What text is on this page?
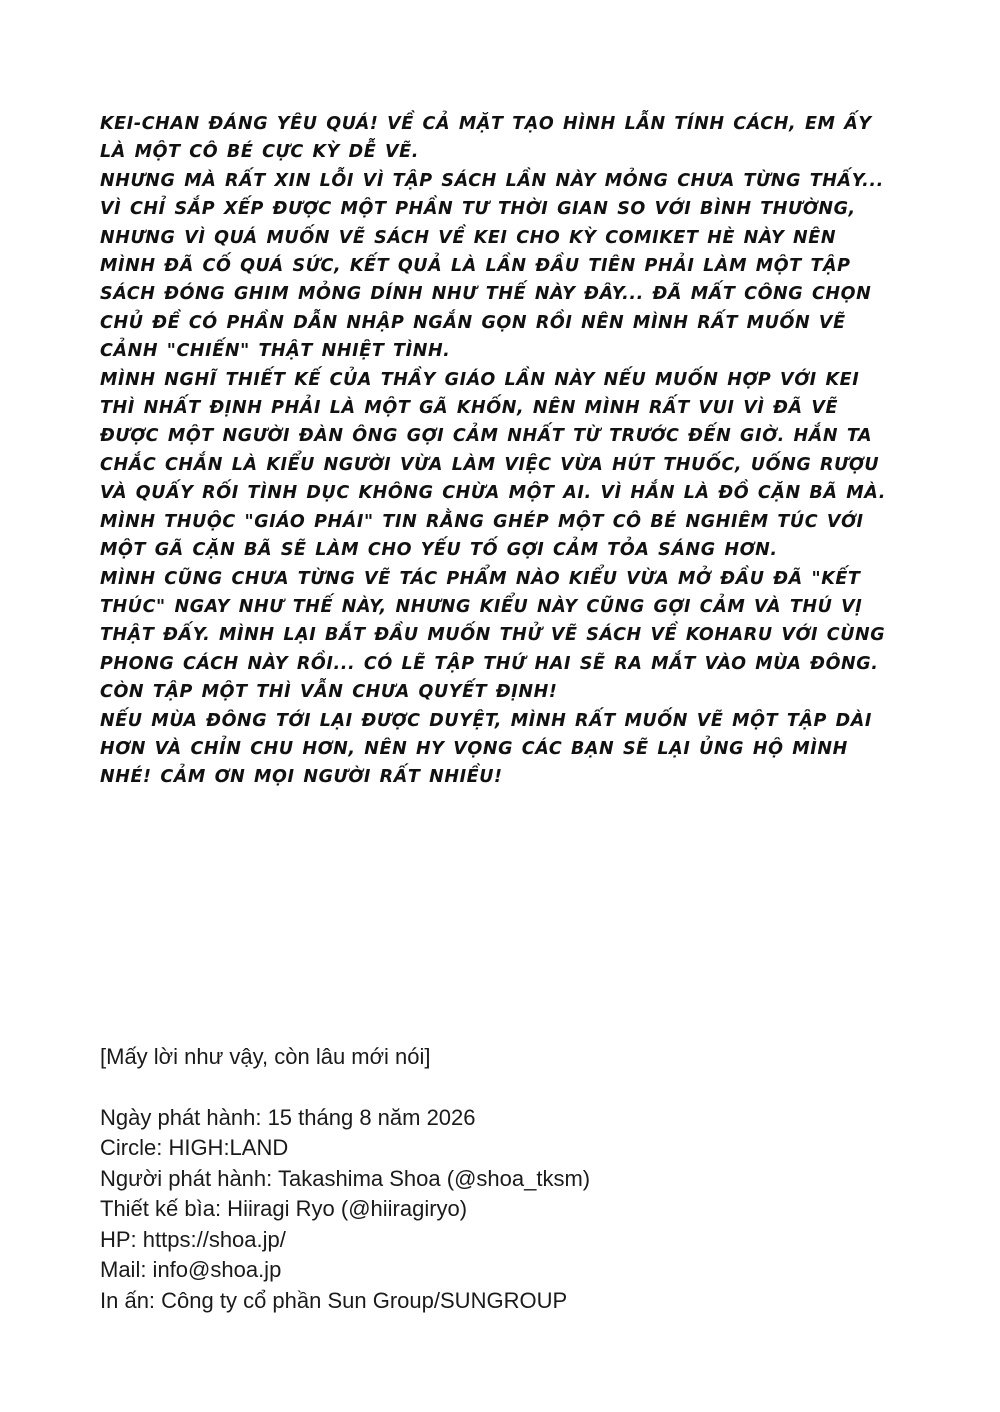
KEI-CHAN ĐÁNG YÊU QUÁ! VỀ CẢ MẶT TẠO HÌNH LẪN TÍNH CÁCH, EM ẤY LÀ MỘT CÔ BÉ CỰC KỲ DỄ VẼ.

NHƯNG MÀ RẤT XIN LỖI VÌ TẬP SÁCH LẦN NÀY MỎNG CHƯA TỪNG THẤY... VÌ CHỈ SẮP XẾP ĐƯỢC MỘT PHẦN TƯ THỜI GIAN SO VỚI BÌNH THƯỜNG, NHƯNG VÌ QUÁ MUỐN VẼ SÁCH VỀ KEI CHO KỲ COMIKET HÈ NÀY NÊN MÌNH ĐÃ CỐ QUÁ SỨC, KẾT QUẢ LÀ LẦN ĐẦU TIÊN PHẢI LÀM MỘT TẬP SÁCH ĐÓNG GHIM MỎNG DÍNH NHƯ THẾ NÀY ĐÂY... ĐÃ MẤT CÔNG CHỌN CHỦ ĐỀ CÓ PHẦN DẪN NHẬP NGẮN GỌN RỒI NÊN MÌNH RẤT MUỐN VẼ CẢNH "CHIẾN" THẬT NHIỆT TÌNH.

MÌNH NGHĨ THIẾT KẾ CỦA THẦY GIÁO LẦN NÀY NẾU MUỐN HỢP VỚI KEI THÌ NHẤT ĐỊNH PHẢI LÀ MỘT GÃ KHỐN, NÊN MÌNH RẤT VUI VÌ ĐÃ VẼ ĐƯỢC MỘT NGƯỜI ĐÀN ÔNG GỢI CẢM NHẤT TỪ TRƯỚC ĐẾN GIỜ. HẮN TA CHẮC CHẮN LÀ KIỂU NGƯỜI VỪA LÀM VIỆC VỪA HÚT THUỐC, UỐNG RƯỢU VÀ QUẤY RỐI TÌNH DỤC KHÔNG CHỪA MỘT AI. VÌ HẮN LÀ ĐỒ CẶN BÃ MÀ. MÌNH THUỘC "GIÁO PHÁI" TIN RẰNG GHÉP MỘT CÔ BÉ NGHIÊM TÚC VỚI MỘT GÃ CẶN BÃ SẼ LÀM CHO YẾU TỐ GỢI CẢM TỎA SÁNG HƠN.

MÌNH CŨNG CHƯA TỪNG VẼ TÁC PHẨM NÀO KIỂU VỪA MỞ ĐẦU ĐÃ "KẾT THÚC" NGAY NHƯ THẾ NÀY, NHƯNG KIỂU NÀY CŨNG GỢI CẢM VÀ THÚ VỊ THẬT ĐẤY. MÌNH LẠI BẮT ĐẦU MUỐN THỬ VẼ SÁCH VỀ KOHARU VỚI CÙNG PHONG CÁCH NÀY RỒI... CÓ LẼ TẬP THỨ HAI SẼ RA MẮT VÀO MÙA ĐÔNG. CÒN TẬP MỘT THÌ VẪN CHƯA QUYẾT ĐỊNH!

NẾU MÙA ĐÔNG TỚI LẠI ĐƯỢC DUYỆT, MÌNH RẤT MUỐN VẼ MỘT TẬP DÀI HƠN VÀ CHỈN CHU HƠN, NÊN HY VỌNG CÁC BẠN SẼ LẠI ỦNG HỘ MÌNH NHÉ! CẢM ƠN MỌI NGƯỜI RẤT NHIỀU!

[Mấy lời như vậy, còn lâu mới nói]

Ngày phát hành: 15 tháng 8 năm 2026

Circle: HIGH:LAND

Người phát hành: Takashima Shoa (@shoa_tksm)

Thiết kế bìa: Hiiragi Ryo (@hiiragiryo)

HP: https://shoa.jp/

Mail: info@shoa.jp

In ấn: Công ty cổ phần Sun Group/SUNGROUP
